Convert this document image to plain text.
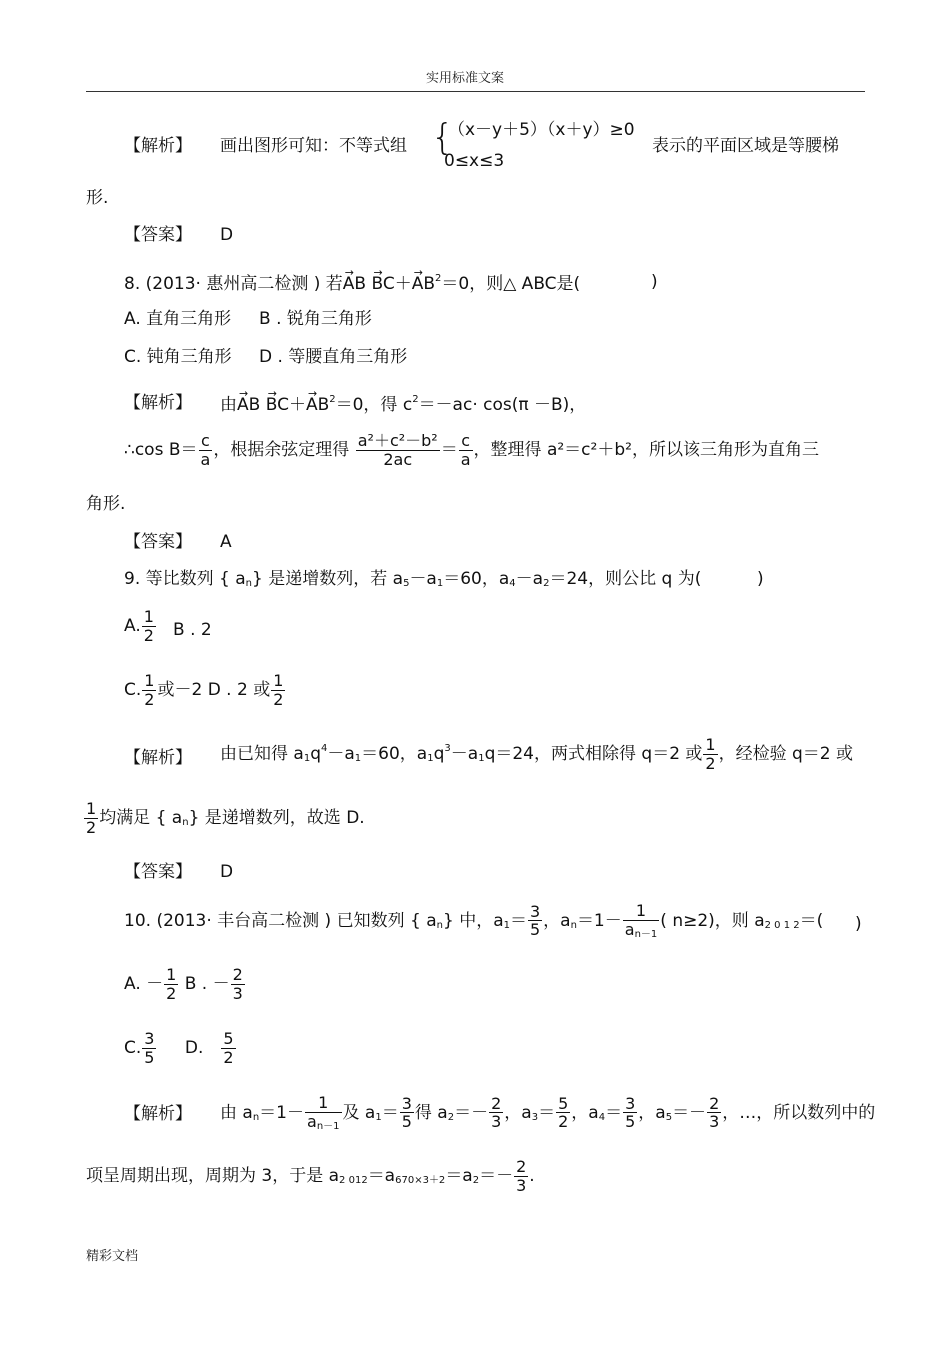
实用标准文案
【解析】 画出图形可知：不等式组 {
（x－y＋5）（x＋y）≥0
0≤x≤3
表示的平面区域是等腰梯
形.
【答案】 D
8. (2013· 惠州高二检测 ) 若→ AB → $BC+\to AB^2=0$，则△ ABC是(	)
A. 直角三角形 B . 锐角三角形
C. 钝角三角形 D . 等腰直角三角形
【解析】 由→ AB → $BC+\to AB^2=0$，得 $c^2=-ac\cdot \cos(\pi -B)$，
∴cos $B= \frac{c}{a}$ ，根据余弦定理得 $\frac{\text{a²＋c²－b²}}{2ac} = \frac{c}{a}$ ，整理得 a²＝c²＋b²，所以该三角形为直角三
角形.
【答案】 A
9. 等比数列 { $a_n$} 是递增数列，若 $a_5-a_1=60$，$a_4-a_2=24$，则公比 q 为(	)
A. $\frac{1}{2}$ B . 2
C. $\frac{1}{2}$ 或－2 D . 2 或 $\frac{1}{2}$
【解析】 由已知得 $a_1q^4-a_1=60$，$a_1q^3-a_1q=24$，两式相除得 q＝2 或 $\frac{1}{2}$ ，经检验 q＝2 或
$\frac{1}{2}$ 均满足 { $a_n$} 是递增数列，故选 D.
【答案】 D
10. (2013· 丰台高二检测 ) 已知数列 { $a_n$} 中，$a_1= \frac{3}{5}$ ，$a_n=1- \frac{1}{a_{n-1}}$ ( n≥2)，则 $a_{2 0 1 2}=$( )
A. － $\frac{1}{2}$ B . － $\frac{2}{3}$
C. $\frac{3}{5} D$. $\frac{5}{2}$
【解析】 由 $a_n=1- \frac{1}{a_{n-1}}$ 及 $a_1= \frac{3}{5}$ 得 $a_2=- \frac{2}{3}$ ，$a_3= \frac{5}{2}$ ，$a_4= \frac{3}{5}$ ，$a_5=- \frac{2}{3}$ ，…，所以数列中的
项呈周期出现，周期为 3，于是 $a_{2 012}=a_{670\times 3+2}=a_2=- \frac{2}{3}$ .
精彩文档
